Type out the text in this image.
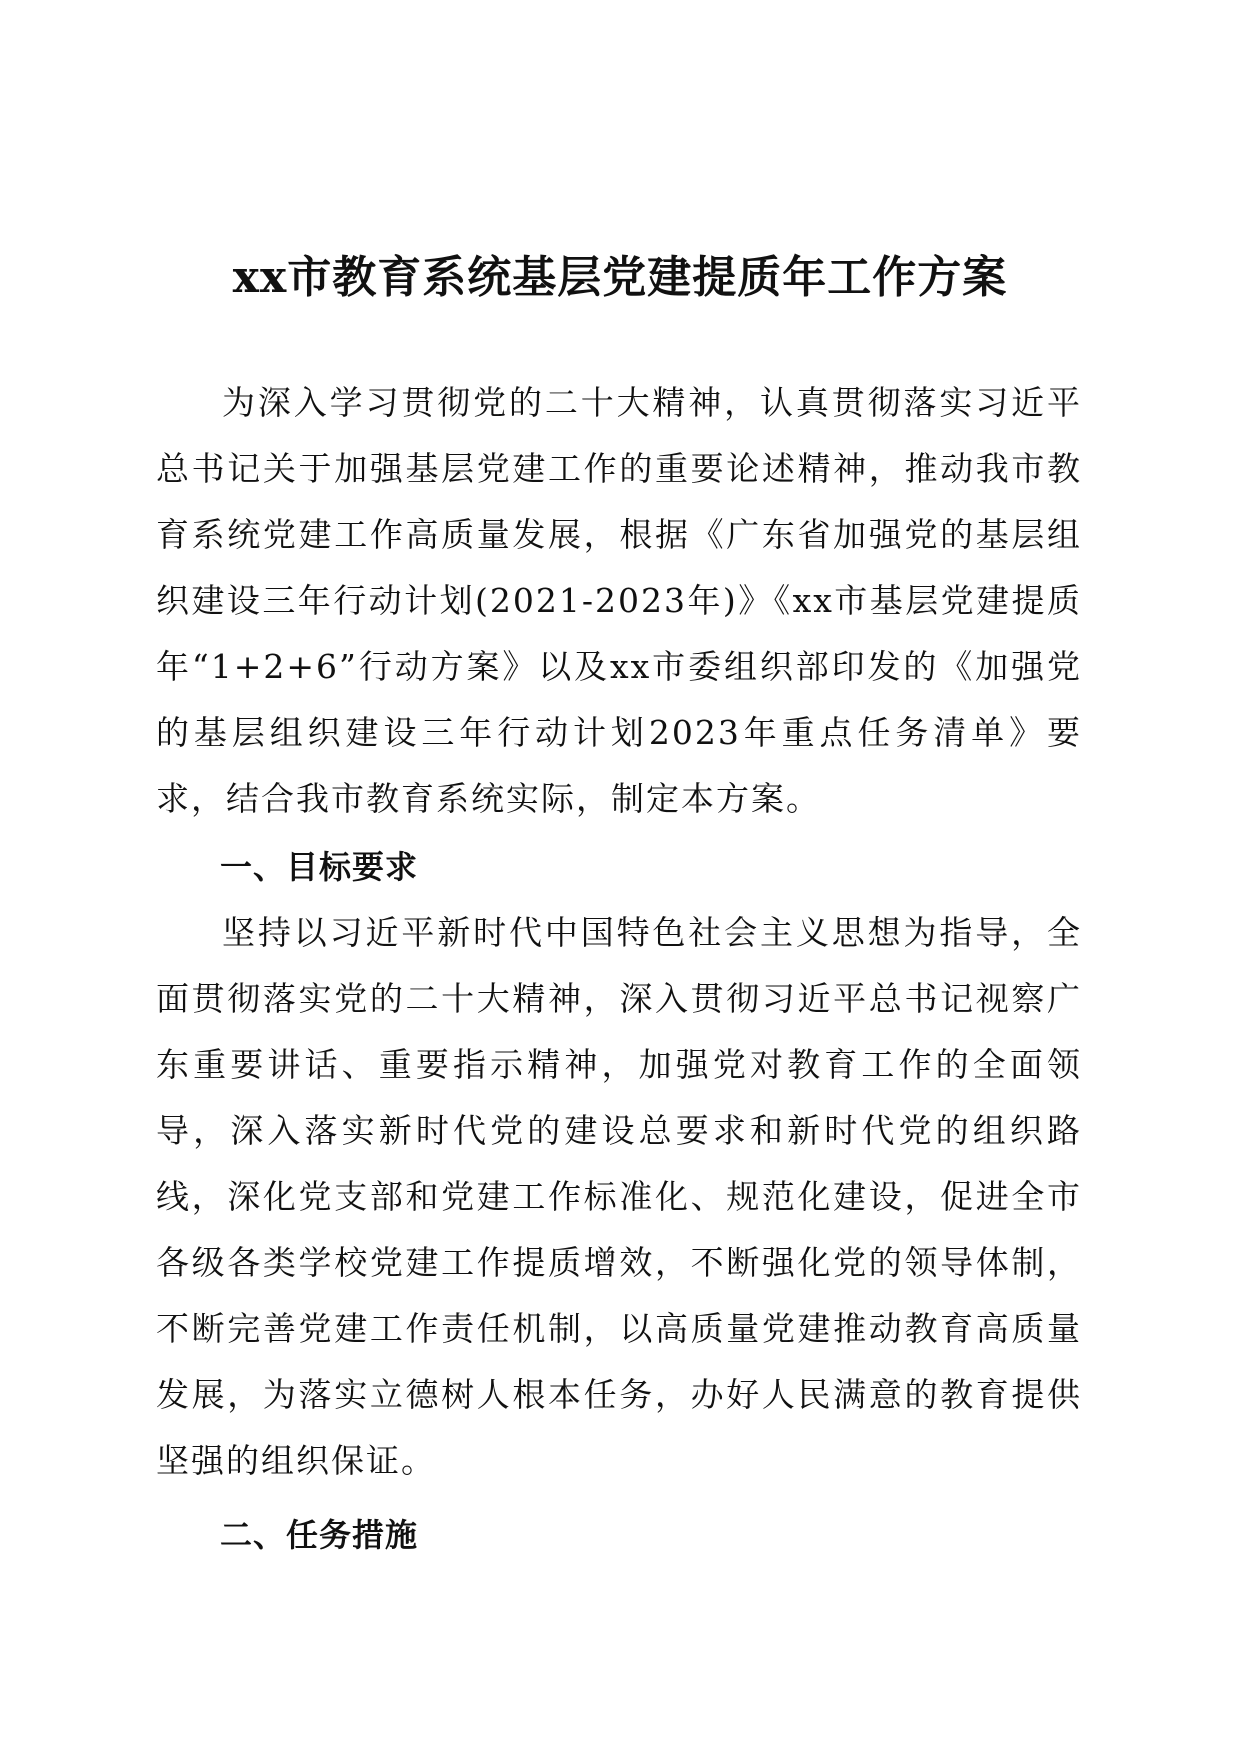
xx市教育系统基层党建提质年工作方案

为深入学习贯彻党的二十大精神，认真贯彻落实习近平总书记关于加强基层党建工作的重要论述精神，推动我市教育系统党建工作高质量发展，根据《广东省加强党的基层组织建设三年行动计划(2021-2023年)》《xx市基层党建提质年“1+2+6”行动方案》以及xx市委组织部印发的《加强党的基层组织建设三年行动计划2023年重点任务清单》要求，结合我市教育系统实际，制定本方案。

一、目标要求

坚持以习近平新时代中国特色社会主义思想为指导，全面贯彻落实党的二十大精神，深入贯彻习近平总书记视察广东重要讲话、重要指示精神，加强党对教育工作的全面领导，深入落实新时代党的建设总要求和新时代党的组织路线，深化党支部和党建工作标准化、规范化建设，促进全市各级各类学校党建工作提质增效，不断强化党的领导体制，不断完善党建工作责任机制，以高质量党建推动教育高质量发展，为落实立德树人根本任务，办好人民满意的教育提供坚强的组织保证。

二、任务措施
